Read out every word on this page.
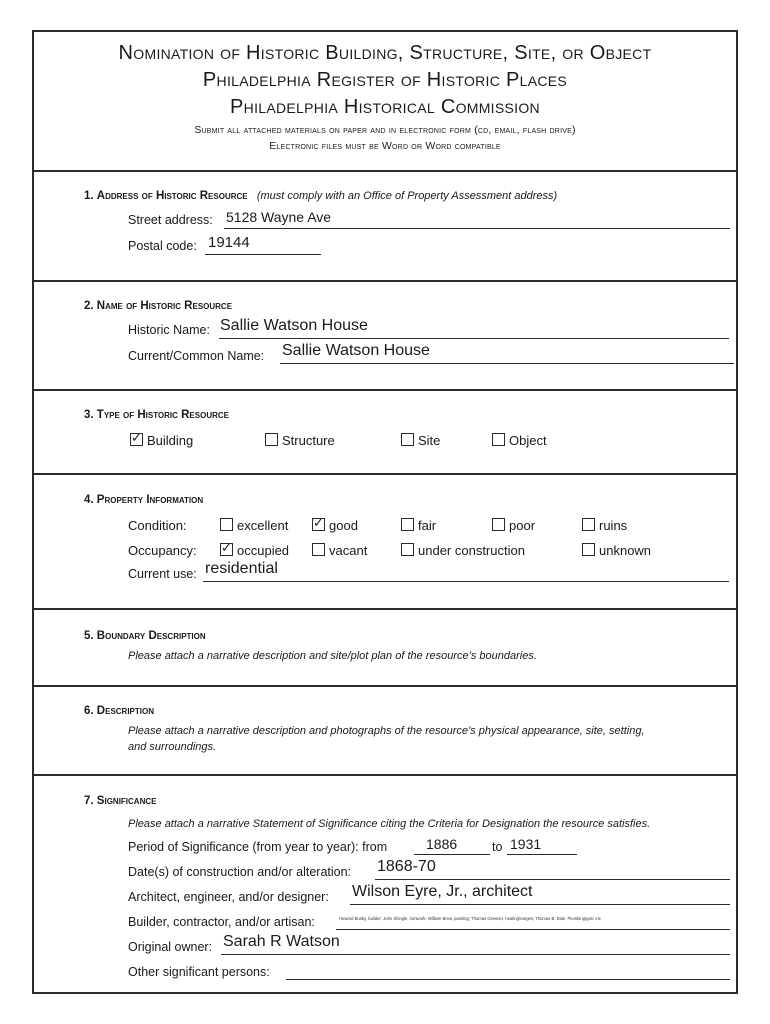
Nomination of Historic Building, Structure, Site, or Object
Philadelphia Register of Historic Places
Philadelphia Historical Commission
Submit all attached materials on paper and in electronic form (cd, email, flash drive)
Electronic files must be Word or Word compatible
1. Address of Historic Resource (must comply with an Office of Property Assessment address)
Street address: 5128 Wayne Ave
Postal code: 19144
2. Name of Historic Resource
Historic Name: Sallie Watson House
Current/Common Name: Sallie Watson House
3. Type of Historic Resource
✓Building	Structure	Site	Object
4. Property Information
Condition:	excellent ✓	good	fair	poor	ruins
Occupancy: ✓	occupied	vacant	under construction	unknown
Current use: residential
5. Boundary Description
Please attach a narrative description and site/plot plan of the resource’s boundaries.
6. Description
Please attach a narrative description and photographs of the resource’s physical appearance, site, setting,
and surroundings.
7. Significance
Please attach a narrative Statement of Significance citing the Criteria for Designation the resource satisfies.
Period of Significance (from year to year): from	1886	to 1931
Date(s) of construction and/or alteration: 1868-70
Architect, engineer, and/or designer: Wilson Eyre, Jr., architect
Builder, contractor, and/or artisan:	Howard Busby, builder; John Shingle, ironwork; William Brew, painting; Thomas Gessner, heating/ranges; Thomas B. Dale, Plumbing/gas; etc
Original owner: Sarah R Watson
Other significant persons:
